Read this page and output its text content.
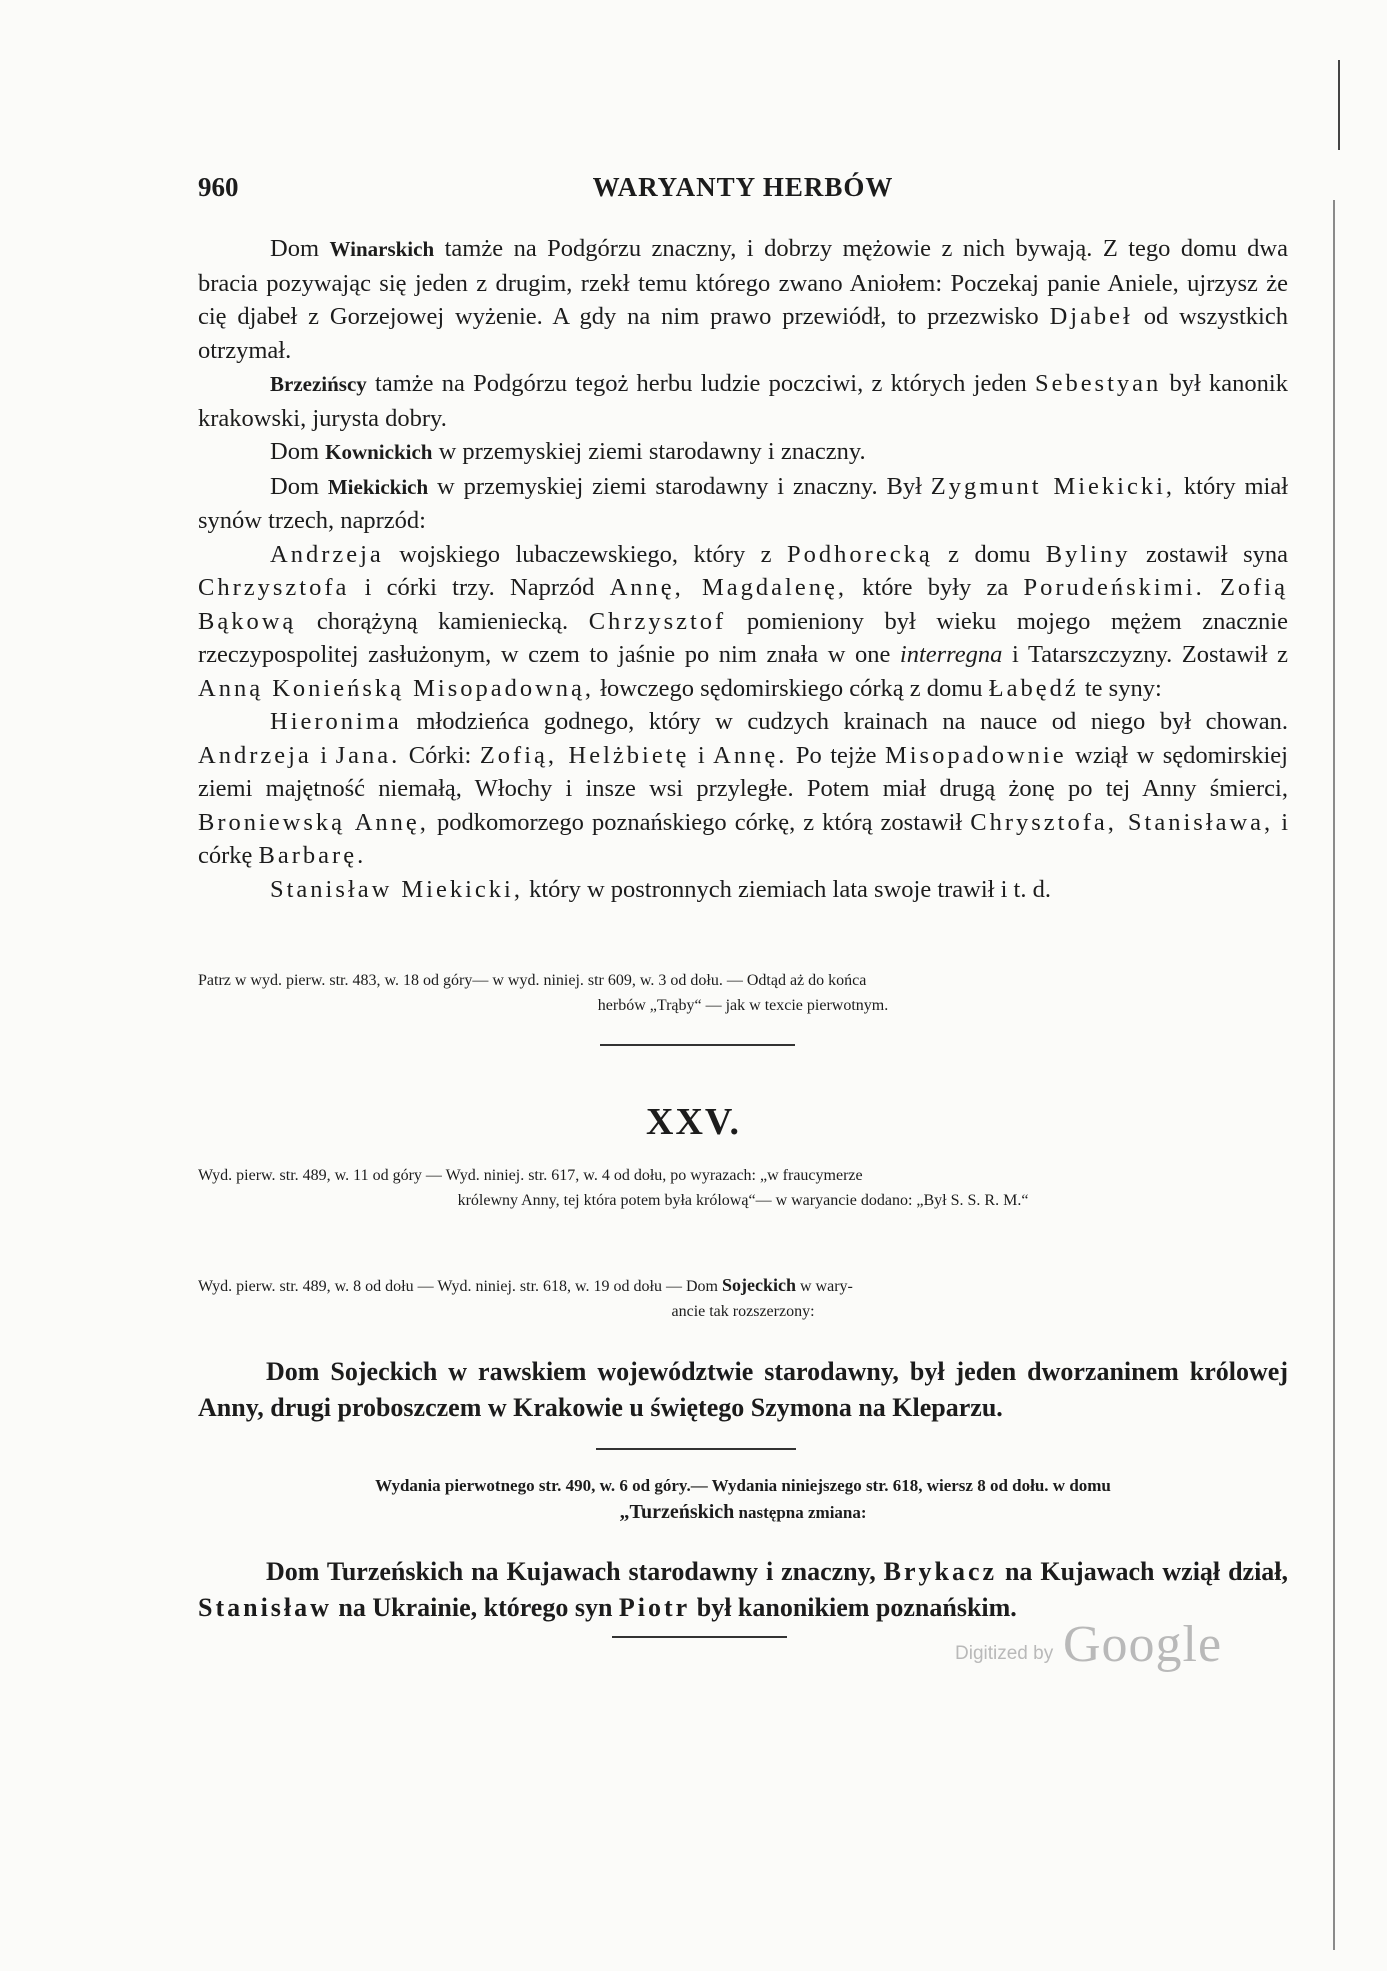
960	WARYANTY HERBÓW

Dom Winarskich tamże na Podgórzu znaczny, i dobrzy mężowie z nich bywają. Z tego domu dwa bracia pozywając się jeden z drugim, rzekł temu którego zwano Aniołem: Poczekaj panie Aniele, ujrzysz że cię djabeł z Gorzejowej wyżenie. A gdy na nim prawo przewiódł, to przezwisko Djabeł od wszystkich otrzymał.

Brzezińscy tamże na Podgórzu tegoż herbu ludzie poczciwi, z których jeden Sebestyan był kanonik krakowski, jurysta dobry.

Dom Kownickich w przemyskiej ziemi starodawny i znaczny.

Dom Miekickich w przemyskiej ziemi starodawny i znaczny. Był Zygmunt Miekicki, który miał synów trzech, naprzód:

Andrzeja wojskiego lubaczewskiego, który z Podhorecką z domu Byliny zostawił syna Chrzysztofa i córki trzy. Naprzód Annę, Magdalenę, które były za Porudeńskimi. Zofią Bąkową chorążyną kamieniecką. Chrzysztof pomieniony był wieku mojego mężem znacznie rzeczypospolitej zasłużonym, w czem to jaśnie po nim znała w one interregna i Tatarszczyzny. Zostawił z Anną Konieńską Misopadowną, łowczego sędomirskiego córką z domu Łabędź te syny:

Hieronima młodzieńca godnego, który w cudzych krainach na nauce od niego był chowan. Andrzeja i Jana. Córki: Zofią, Helżbietę i Annę. Po tejże Misopadownie wziął w sędomirskiej ziemi majętność niemałą, Włochy i insze wsi przyległe. Potem miał drugą żonę po tej Anny śmierci, Broniewską Annę, podkomorzego poznańskiego córkę, z którą zostawił Chrysztofa, Stanisława, i córkę Barbarę.

Stanisław Miekicki, który w postronnych ziemiach lata swoje trawił i t. d.

Patrz w wyd. pierw. str. 483, w. 18 od góry— w wyd. niniej. str 609, w. 3 od dołu. — Odtąd aż do końca
herbów „Trąby“ — jak w texcie pierwotnym.
XXV.
Wyd. pierw. str. 489, w. 11 od góry — Wyd. niniej. str. 617, w. 4 od dołu, po wyrazach: „w fraucymerze
królewny Anny, tej która potem była królową“— w waryancie dodano: „Był S. S. R. M.“
Wyd. pierw. str. 489, w. 8 od dołu — Wyd. niniej. str. 618, w. 19 od dołu — Dom Sojeckich w wary-
ancie tak rozszerzony:
Dom Sojeckich w rawskiem województwie starodawny, był jeden dworzaninem królowej Anny, drugi proboszczem w Krakowie u świętego Szymona na Kleparzu.
Wydania pierwotnego str. 490, w. 6 od góry.— Wydania niniejszego str. 618, wiersz 8 od dołu. w domu
„Turzeńskich następna zmiana:
Dom Turzeńskich na Kujawach starodawny i znaczny, Brykacz na Kujawach wziął dział, Stanisław na Ukrainie, którego syn Piotr był kanonikiem poznańskim.
Digitized by Google
